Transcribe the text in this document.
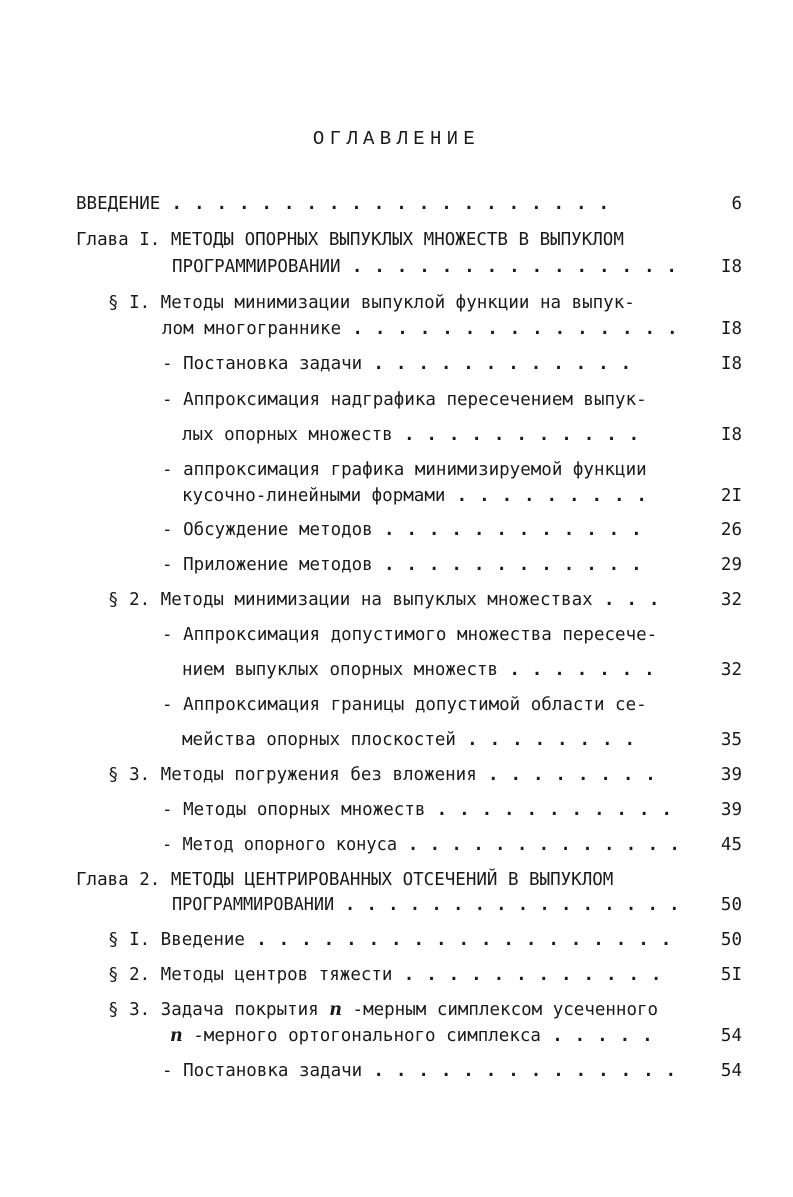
ОГЛАВЛЕНИЕ
ВВЕДЕНИЕ . . . . . . . . . . . . . . . . . . . .	6
Глава I. МЕТОДЫ ОПОРНЫХ ВЫПУКЛЫХ МНОЖЕСТВ В ВЫПУКЛОМ
ПРОГРАММИРОВАНИИ . . . . . . . . . . . . . . .	I8
§ I. Методы минимизации выпуклой функции на выпук-
лом многограннике . . . . . . . . . . . . . . .	I8
- Постановка задачи . . . . . . . . . . . .	I8
- Аппроксимация надграфика пересечением выпук-
лых опорных множеств . . . . . . . . . . .	I8
- аппроксимация графика минимизируемой функции
кусочно-линейными формами . . . . . . . . .	2I
- Обсуждение методов . . . . . . . . . . . .	26
- Приложение методов . . . . . . . . . . . .	29
§ 2. Методы минимизации на выпуклых множествах . . .	32
- Аппроксимация допустимого множества пересече-
нием выпуклых опорных множеств . . . . . . .	32
- Аппроксимация границы допустимой области се-
мейства опорных плоскостей . . . . . . . .	35
§ 3. Методы погружения без вложения . . . . . . . .	39
- Методы опорных множеств . . . . . . . . . . .	39
- Метод опорного конуса . . . . . . . . . . . . .	45
Глава 2. МЕТОДЫ ЦЕНТРИРОВАННЫХ ОТСЕЧЕНИЙ В ВЫПУКЛОМ
ПРОГРАММИРОВАНИИ . . . . . . . . . . . . . . . .	50
§ I. Введение . . . . . . . . . . . . . . . . . . .	50
§ 2. Методы центров тяжести . . . . . . . . . . . .	5I
§ 3. Задача покрытия n -мерным симплексом усеченного
n -мерного ортогонального симплекса . . . . .	54
- Постановка задачи . . . . . . . . . . . . . .	54
